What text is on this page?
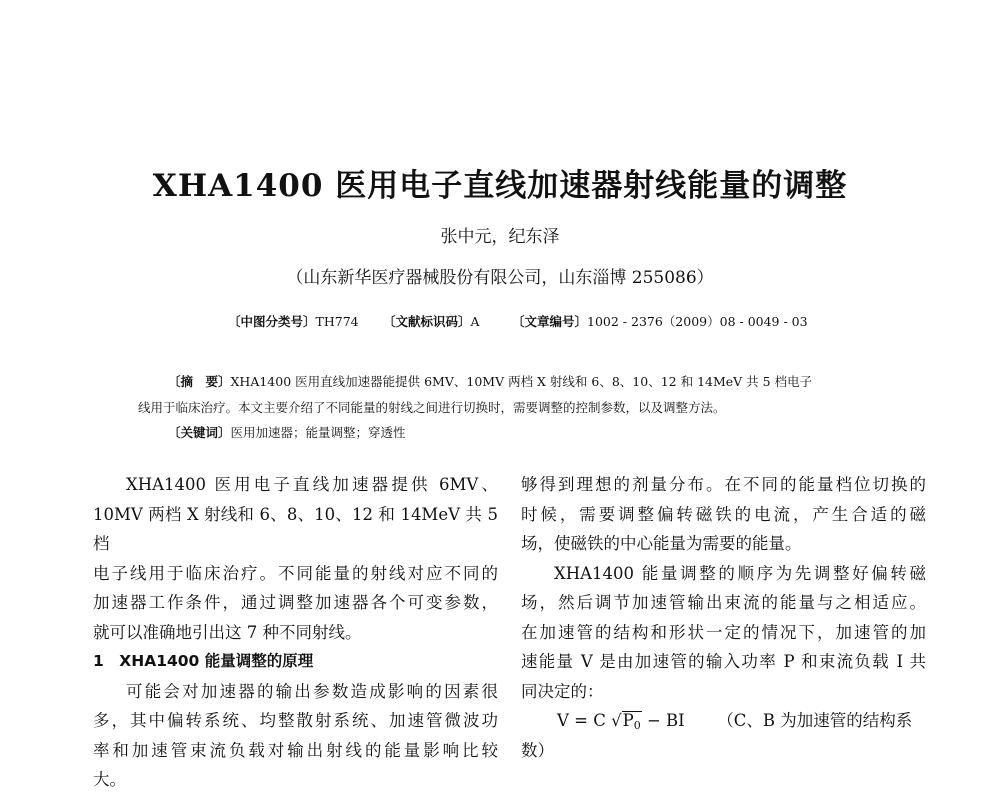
XHA1400 医用电子直线加速器射线能量的调整
张中元，纪东泽
（山东新华医疗器械股份有限公司，山东淄博 255086）
〔中图分类号〕TH774 〔文献标识码〕A	〔文章编号〕1002 - 2376（2009）08 - 0049 - 03
〔摘　要〕XHA1400 医用直线加速器能提供 6MV、10MV 两档 X 射线和 6、8、10、12 和 14MeV 共 5 档电子
线用于临床治疗。本文主要介绍了不同能量的射线之间进行切换时，需要调整的控制参数，以及调整方法。
〔关键词〕医用加速器；能量调整；穿透性

XHA1400 医用电子直线加速器提供 6MV、

10MV 两档 X 射线和 6、8、10、12 和 14MeV 共 5 档

电子线用于临床治疗。不同能量的射线对应不同的

加速器工作条件，通过调整加速器各个可变参数，

就可以准确地引出这 7 种不同射线。

1　XHA1400 能量调整的原理

可能会对加速器的输出参数造成影响的因素很

多，其中偏转系统、均整散射系统、加速管微波功

率和加速管束流负载对输出射线的能量影响比较

大。

够得到理想的剂量分布。在不同的能量档位切换的

时候，需要调整偏转磁铁的电流，产生合适的磁

场，使磁铁的中心能量为需要的能量。

XHA1400 能量调整的顺序为先调整好偏转磁

场，然后调节加速管输出束流的能量与之相适应。

在加速管的结构和形状一定的情况下，加速管的加

速能量 V 是由加速管的输入功率 P 和束流负载 I 共

同决定的：

V = C $√P_0$ − BI （C、B 为加速管的结构系

数）
